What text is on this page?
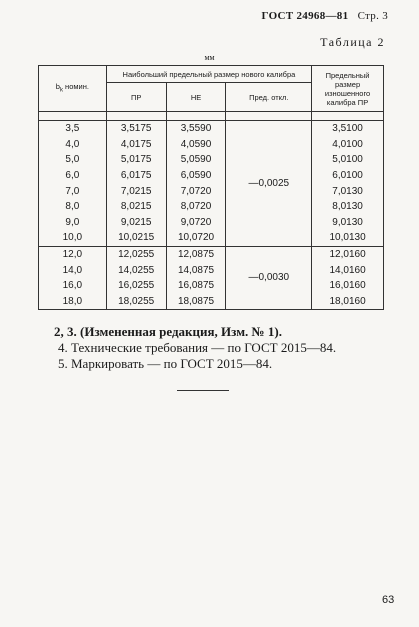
ГОСТ 24968—81 Стр. 3
Таблица 2
мм
$b_k$ номин.	Наибольший предельный размер нового калибра			Предельный размер изношенного калибра ПР
	ПР	НЕ	Пред. откл.	

3,5	3,5175	3,5590	—0,0025	3,5100
4,0	4,0175	4,0590		4,0100
5,0	5,0175	5,0590		5,0100
6,0	6,0175	6,0590		6,0100
7,0	7,0215	7,0720		7,0130
8,0	8,0215	8,0720		8,0130
9,0	9,0215	9,0720		9,0130
10,0	10,0215	10,0720		10,0130
12,0	12,0255	12,0875	—0,0030	12,0160
14,0	14,0255	14,0875		14,0160
16,0	16,0255	16,0875		16,0160
18,0	18,0255	18,0875		18,0160
2, 3. (Измененная редакция, Изм. № 1).
4. Технические требования — по ГОСТ 2015—84.
5. Маркировать — по ГОСТ 2015—84.
63
